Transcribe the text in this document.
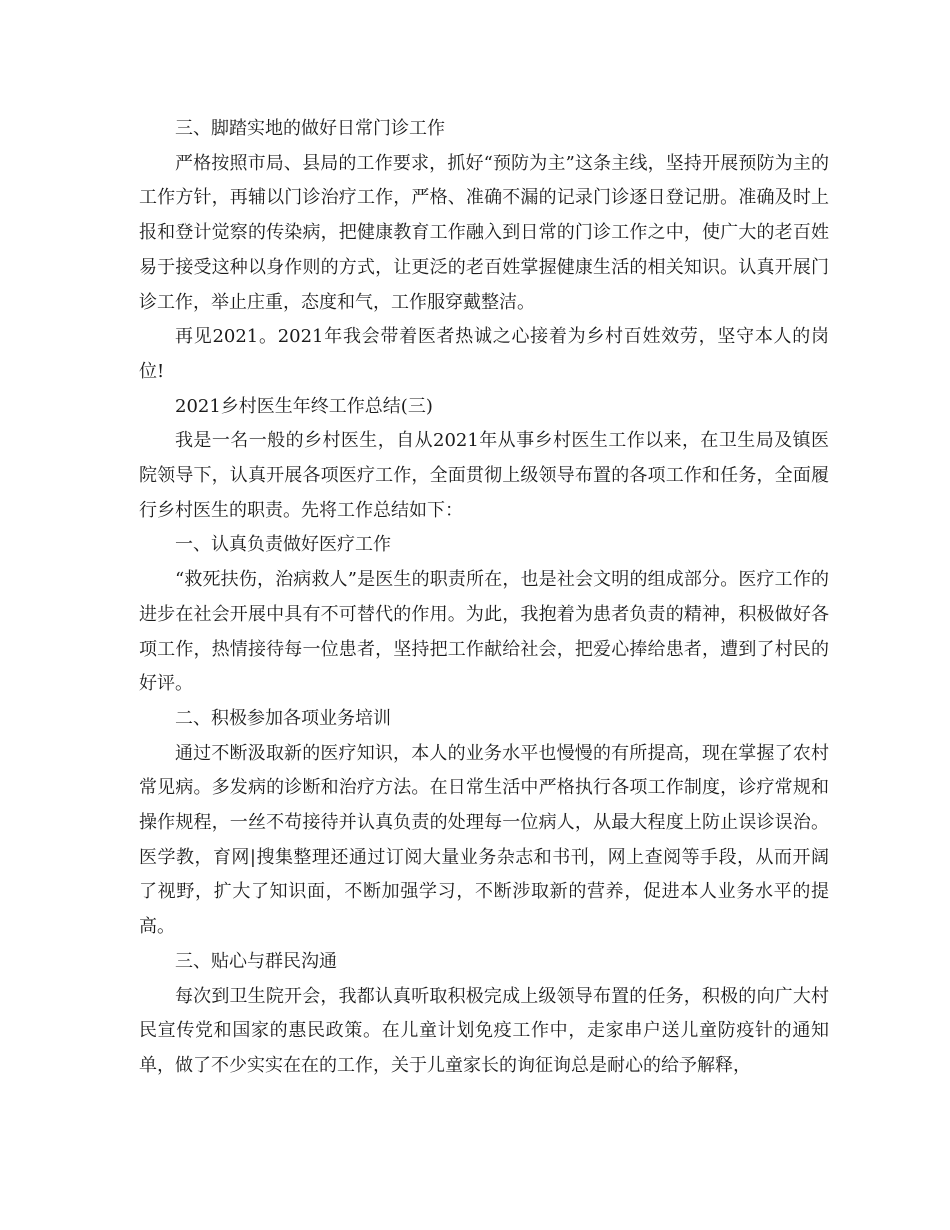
三、脚踏实地的做好日常门诊工作

严格按照市局、县局的工作要求，抓好“预防为主”这条主线，坚持开展预防为主的工作方针，再辅以门诊治疗工作，严格、准确不漏的记录门诊逐日登记册。准确及时上报和登计觉察的传染病，把健康教育工作融入到日常的门诊工作之中，使广大的老百姓易于接受这种以身作则的方式，让更泛的老百姓掌握健康生活的相关知识。认真开展门诊工作，举止庄重，态度和气，工作服穿戴整洁。

再见2021。2021年我会带着医者热诚之心接着为乡村百姓效劳，坚守本人的岗位!

2021乡村医生年终工作总结(三)

我是一名一般的乡村医生，自从2021年从事乡村医生工作以来，在卫生局及镇医院领导下，认真开展各项医疗工作，全面贯彻上级领导布置的各项工作和任务，全面履行乡村医生的职责。先将工作总结如下：

一、认真负责做好医疗工作

“救死扶伤，治病救人”是医生的职责所在，也是社会文明的组成部分。医疗工作的进步在社会开展中具有不可替代的作用。为此，我抱着为患者负责的精神，积极做好各项工作，热情接待每一位患者，坚持把工作献给社会，把爱心捧给患者，遭到了村民的好评。

二、积极参加各项业务培训

通过不断汲取新的医疗知识，本人的业务水平也慢慢的有所提高，现在掌握了农村常见病。多发病的诊断和治疗方法。在日常生活中严格执行各项工作制度，诊疗常规和操作规程，一丝不苟接待并认真负责的处理每一位病人，从最大程度上防止误诊误治。医学教，育网|搜集整理还通过订阅大量业务杂志和书刊，网上查阅等手段，从而开阔了视野，扩大了知识面，不断加强学习，不断涉取新的营养，促进本人业务水平的提高。

三、贴心与群民沟通

每次到卫生院开会，我都认真听取积极完成上级领导布置的任务，积极的向广大村民宣传党和国家的惠民政策。在儿童计划免疫工作中，走家串户送儿童防疫针的通知单，做了不少实实在在的工作，关于儿童家长的询征询总是耐心的给予解释，
